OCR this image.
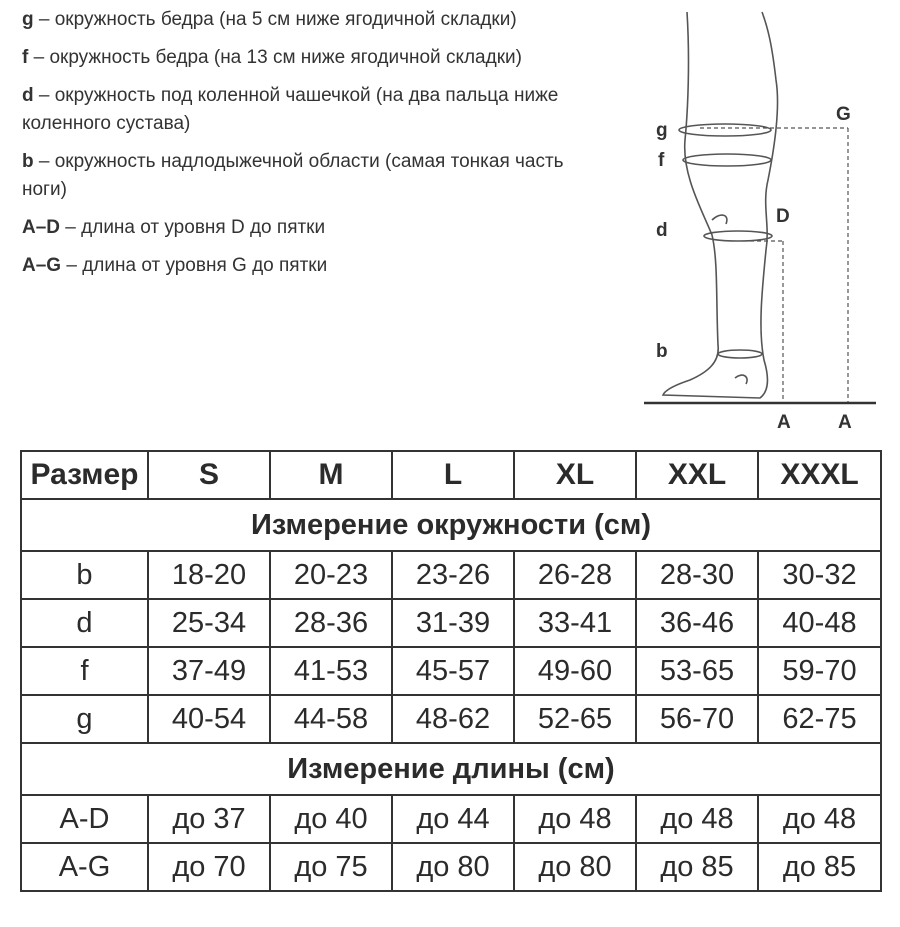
g – окружность бедра (на 5 см ниже ягодичной складки)
f – окружность бедра (на 13 см ниже ягодичной складки)
d – окружность под коленной чашечкой (на два пальца ниже коленного сустава)
b – окружность надлодыжечной области (самая тонкая часть ноги)
A–D – длина от уровня D до пятки
A–G – длина от уровня G до пятки
g
f
d
b
G
D
A A
Размер	S	M	L	XL	XXL	XXXL
Измерение окружности (см)						
b	18-20	20-23	23-26	26-28	28-30	30-32
d	25-34	28-36	31-39	33-41	36-46	40-48
f	37-49	41-53	45-57	49-60	53-65	59-70
g	40-54	44-58	48-62	52-65	56-70	62-75
Измерение длины (см)						
A-D	до 37	до 40	до 44	до 48	до 48	до 48
A-G	до 70	до 75	до 80	до 80	до 85	до 85
